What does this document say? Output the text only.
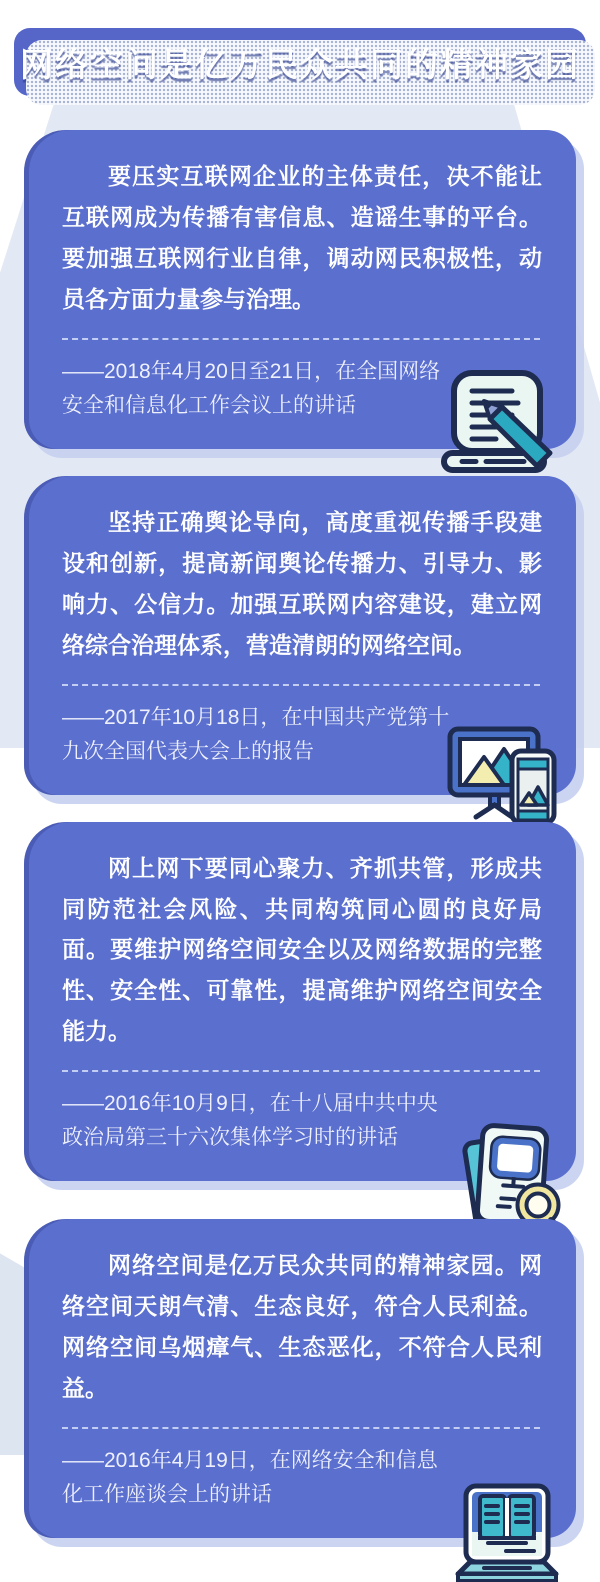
网络空间是亿万民众共同的精神家园

要压实互联网企业的主体责任，决不能让互联网成为传播有害信息、造谣生事的平台。要加强互联网行业自律，调动网民积极性，动员各方面力量参与治理。

——2018年4月20日至21日，在全国网络安全和信息化工作会议上的讲话

坚持正确舆论导向，高度重视传播手段建设和创新，提高新闻舆论传播力、引导力、影响力、公信力。加强互联网内容建设，建立网络综合治理体系，营造清朗的网络空间。

——2017年10月18日，在中国共产党第十九次全国代表大会上的报告

网上网下要同心聚力、齐抓共管，形成共同防范社会风险、共同构筑同心圆的良好局面。要维护网络空间安全以及网络数据的完整性、安全性、可靠性，提高维护网络空间安全能力。

——2016年10月9日，在十八届中共中央政治局第三十六次集体学习时的讲话

网络空间是亿万民众共同的精神家园。网络空间天朗气清、生态良好，符合人民利益。网络空间乌烟瘴气、生态恶化，不符合人民利益。

——2016年4月19日，在网络安全和信息化工作座谈会上的讲话
